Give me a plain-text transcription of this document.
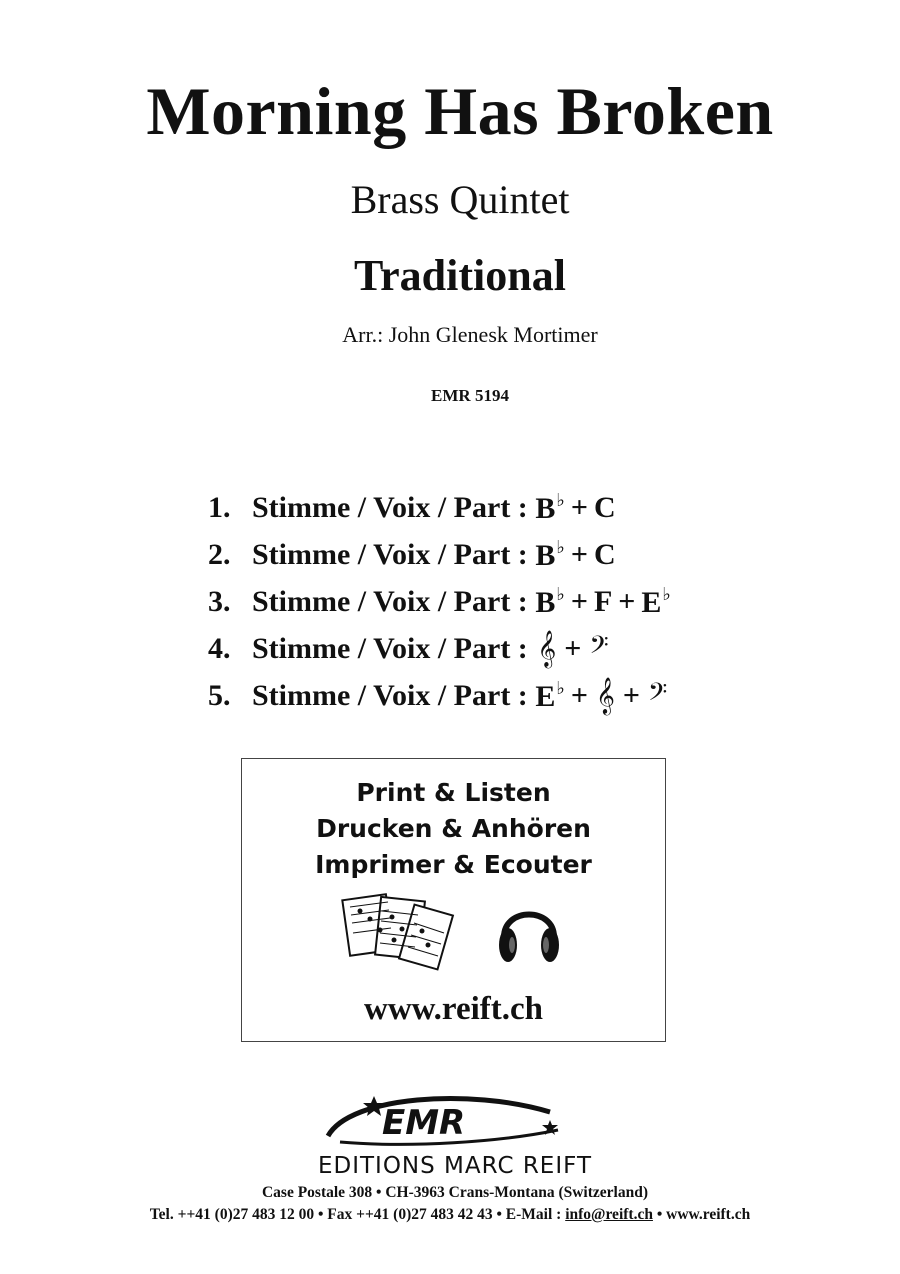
Morning Has Broken
Brass Quintet
Traditional
Arr.: John Glenesk Mortimer
EMR 5194
1. Stimme / Voix / Part :
B♭ + C
2. Stimme / Voix / Part :
B♭ + C
3. Stimme / Voix / Part :
B♭ + F + E♭
4. Stimme / Voix / Part :
𝄞 + 𝄢
5. Stimme / Voix / Part :
E♭ + 𝄞 + 𝄢
Print & Listen
Drucken & Anhören
Imprimer & Ecouter
www.reift.ch
EMR
EDITIONS MARC REIFT
Case Postale 308 • CH-3963 Crans-Montana (Switzerland)
Tel. ++41 (0)27 483 12 00 • Fax ++41 (0)27 483 42 43 • E-Mail : info@reift.ch • www.reift.ch
